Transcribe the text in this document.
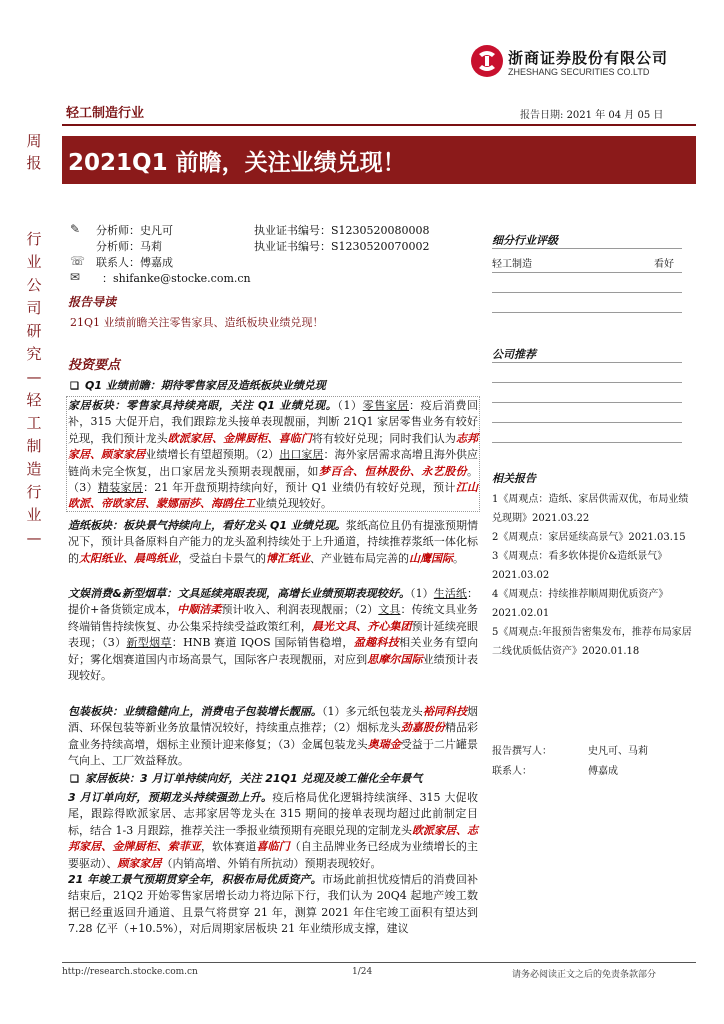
浙商证券股份有限公司
ZHESHANG SECURITIES CO.LTD
轻工制造行业	报告日期: 2021 年 04 月 05 日
周
报
行
业
公
司
研
究
—
轻
工
制
造
行
业
—
2021Q1 前瞻，关注业绩兑现！
✎	分析师：史凡可	执业证书编号：S1230520080008
分析师：马莉	执业证书编号：S1230520070002
☏ 联系人：傅嘉成
✉	：shifanke@stocke.com.cn
报告导读
21Q1 业绩前瞻关注零售家具、造纸板块业绩兑现！
投资要点
❑ Q1 业绩前瞻：期待零售家居及造纸板块业绩兑现
家居板块：零售家具持续亮眼，关注 Q1 业绩兑现。（1）零售家居：疫后消费回补，315 大促开启，我们跟踪龙头接单表现靓丽，判断 21Q1 家居零售业务有较好兑现，我们预计龙头欧派家居、金牌厨柜、喜临门将有较好兑现；同时我们认为志邦家居、顾家家居业绩增长有望超预期。（2）出口家居：海外家居需求高增且海外供应链尚未完全恢复，出口家居龙头预期表现靓丽，如梦百合、恒林股份、永艺股份。（3）精装家居：21 年开盘预期持续向好，预计 Q1 业绩仍有较好兑现，预计江山欧派、帝欧家居、蒙娜丽莎、海鸥住工业绩兑现较好。
造纸板块：板块景气持续向上，看好龙头 Q1 业绩兑现。浆纸高位且仍有提涨预期情况下，预计具备原料自产能力的龙头盈利持续处于上升通道，持续推荐浆纸一体化标的太阳纸业、晨鸣纸业，受益白卡景气的博汇纸业、产业链布局完善的山鹰国际。
文娱消费&新型烟草：文具延续亮眼表现，高增长业绩预期表现较好。（1）生活纸：提价+备货锁定成本，中顺洁柔预计收入、利润表现靓丽；（2）文具：传统文具业务终端销售持续恢复、办公集采持续受益政策红利，晨光文具、齐心集团预计延续亮眼表现；（3）新型烟草：HNB 赛道 IQOS 国际销售稳增，盈趣科技相关业务有望向好；雾化烟赛道国内市场高景气，国际客户表现靓丽，对应到思摩尔国际业绩预计表现较好。
包装板块：业绩稳健向上，消费电子包装增长靓丽。（1）多元纸包装龙头裕同科技烟酒、环保包装等新业务放量情况较好，持续重点推荐；（2）烟标龙头劲嘉股份精品彩盒业务持续高增，烟标主业预计迎来修复；（3）金属包装龙头奥瑞金受益于二片罐景气向上、工厂效益释放。
❑ 家居板块：3 月订单持续向好，关注 21Q1 兑现及竣工催化全年景气
3 月订单向好，预期龙头持续强劲上升。疫后格局优化逻辑持续演绎、315 大促收尾，跟踪得欧派家居、志邦家居等龙头在 315 期间的接单表现均超过此前制定目标，结合 1-3 月跟踪，推荐关注一季报业绩预期有亮眼兑现的定制龙头欧派家居、志邦家居、金牌厨柜、索菲亚，软体赛道喜临门（自主品牌业务已经成为业绩增长的主要驱动）、顾家家居（内销高增、外销有所抗动）预期表现较好。
21 年竣工景气预期贯穿全年，积极布局优质资产。市场此前担忧疫情后的消费回补结束后，21Q2 开始零售家居增长动力将边际下行，我们认为 20Q4 起地产竣工数据已经重返回升通道、且景气将贯穿 21 年，测算 2021 年住宅竣工面积有望达到 7.28 亿平（+10.5%），对后周期家居板块 21 年业绩形成支撑，建议
细分行业评级
轻工制造	看好
公司推荐
相关报告
1《周观点：造纸、家居供需双优，布局业绩兑现期》2021.03.22
2《周观点：家居延续高景气》2021.03.15
3《周观点：看多软体提价&造纸景气》2021.03.02
4《周观点：持续推荐顺周期优质资产》2021.02.01
5《周观点:年报预告密集发布，推荐布局家居二线优质低估资产》2020.01.18
报告撰写人：	史凡可、马莉
联系人：	傅嘉成
http://research.stocke.com.cn	1/24	请务必阅读正文之后的免责条款部分
